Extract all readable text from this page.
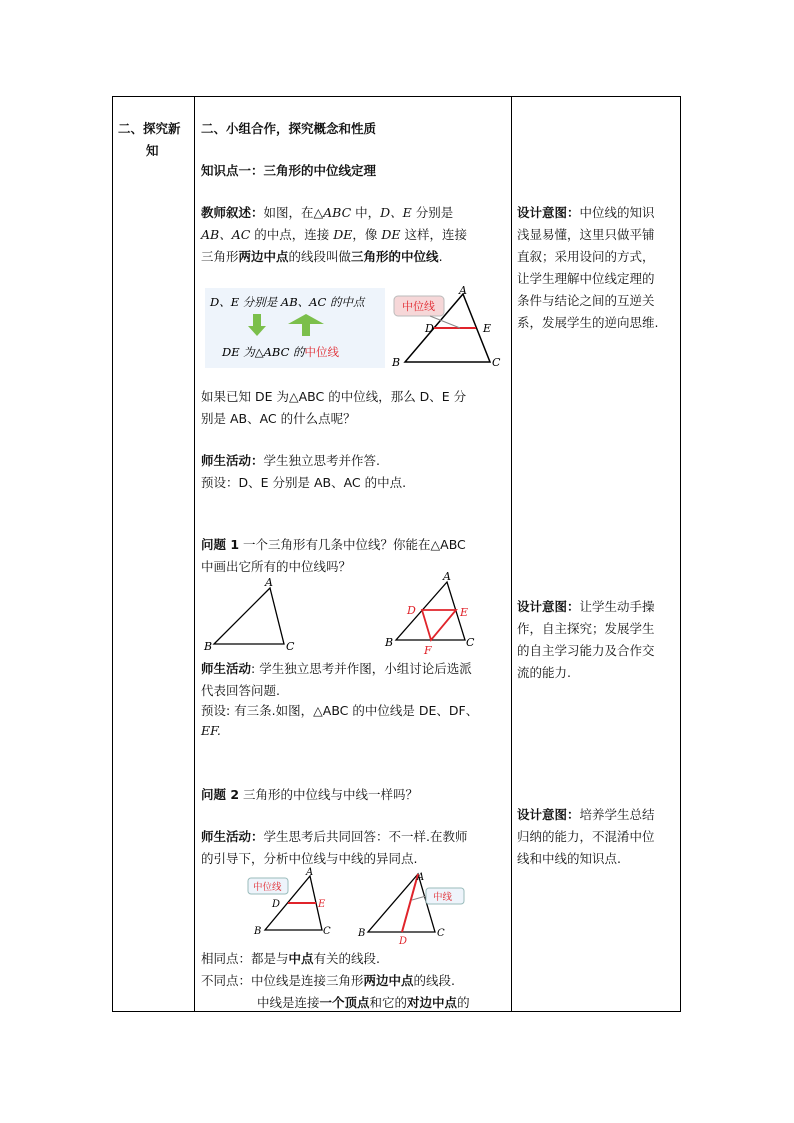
二、探究新
知
二、小组合作，探究概念和性质
知识点一：三角形的中位线定理
教师叙述：如图，在△ABC 中，D、E 分别是
AB、AC 的中点，连接 DE，像 DE 这样，连接
三角形两边中点的线段叫做三角形的中位线.
D、E 分别是 AB、AC 的中点
DE 为△ABC 的中位线
中位线
A
B	C
D	E
如果已知 DE 为△ABC 的中位线，那么 D、E 分
别是 AB、AC 的什么点呢？
师生活动：学生独立思考并作答.
预设：D、E 分别是 AB、AC 的中点.
问题 1 一个三角形有几条中位线？你能在△ABC
中画出它所有的中位线吗？
A
B	C
A
B	C
D	E
F
师生活动: 学生独立思考并作图，小组讨论后选派
代表回答问题.
预设: 有三条.如图，△ABC 的中位线是 DE、DF、
EF.
问题 2 三角形的中位线与中线一样吗？
师生活动：学生思考后共同回答：不一样.在教师
的引导下，分析中位线与中线的异同点.
中位线
A
B	C
D	E
中线
A
B	C
D
相同点：都是与中点有关的线段.
不同点：中位线是连接三角形两边中点的线段.
中线是连接一个顶点和它的对边中点的
设计意图：中位线的知识
浅显易懂，这里只做平铺
直叙；采用设问的方式，
让学生理解中位线定理的
条件与结论之间的互逆关
系，发展学生的逆向思维.
设计意图：让学生动手操
作，自主探究；发展学生
的自主学习能力及合作交
流的能力.
设计意图：培养学生总结
归纳的能力，不混淆中位
线和中线的知识点.
